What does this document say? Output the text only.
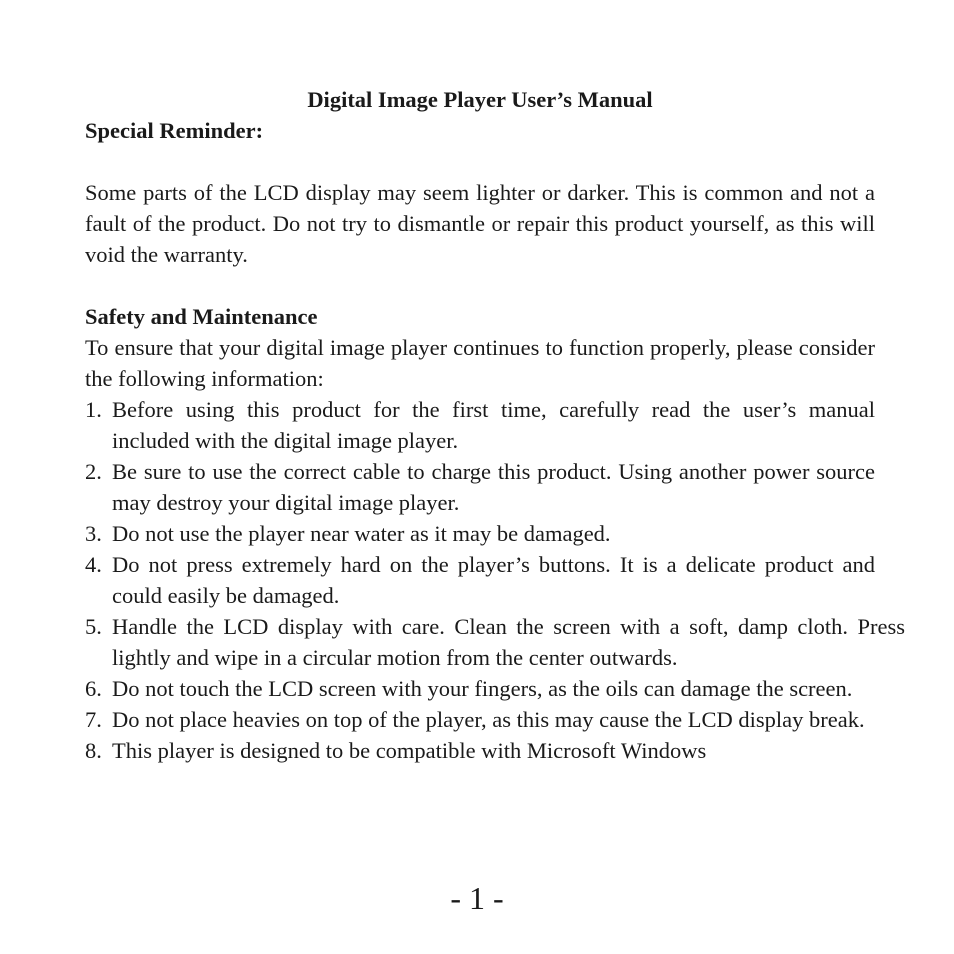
Digital Image Player User’s Manual

Special Reminder:

Some parts of the LCD display may seem lighter or darker. This is common and not a fault of the product. Do not try to dismantle or repair this product yourself, as this will void the warranty.

Safety and Maintenance

To ensure that your digital image player continues to function properly, please consider the following information:

1. Before using this product for the first time, carefully read the user’s manual included with the digital image player.
2. Be sure to use the correct cable to charge this product. Using another power source may destroy your digital image player.
3. Do not use the player near water as it may be damaged.
4. Do not press extremely hard on the player’s buttons. It is a delicate product and could easily be damaged.
5. Handle the LCD display with care. Clean the screen with a soft, damp cloth. Press lightly and wipe in a circular motion from the center outwards.
6. Do not touch the LCD screen with your fingers, as the oils can damage the screen.
7. Do not place heavies on top of the player, as this may cause the LCD display break.
8. This player is designed to be compatible with Microsoft Windows
- 1 -
